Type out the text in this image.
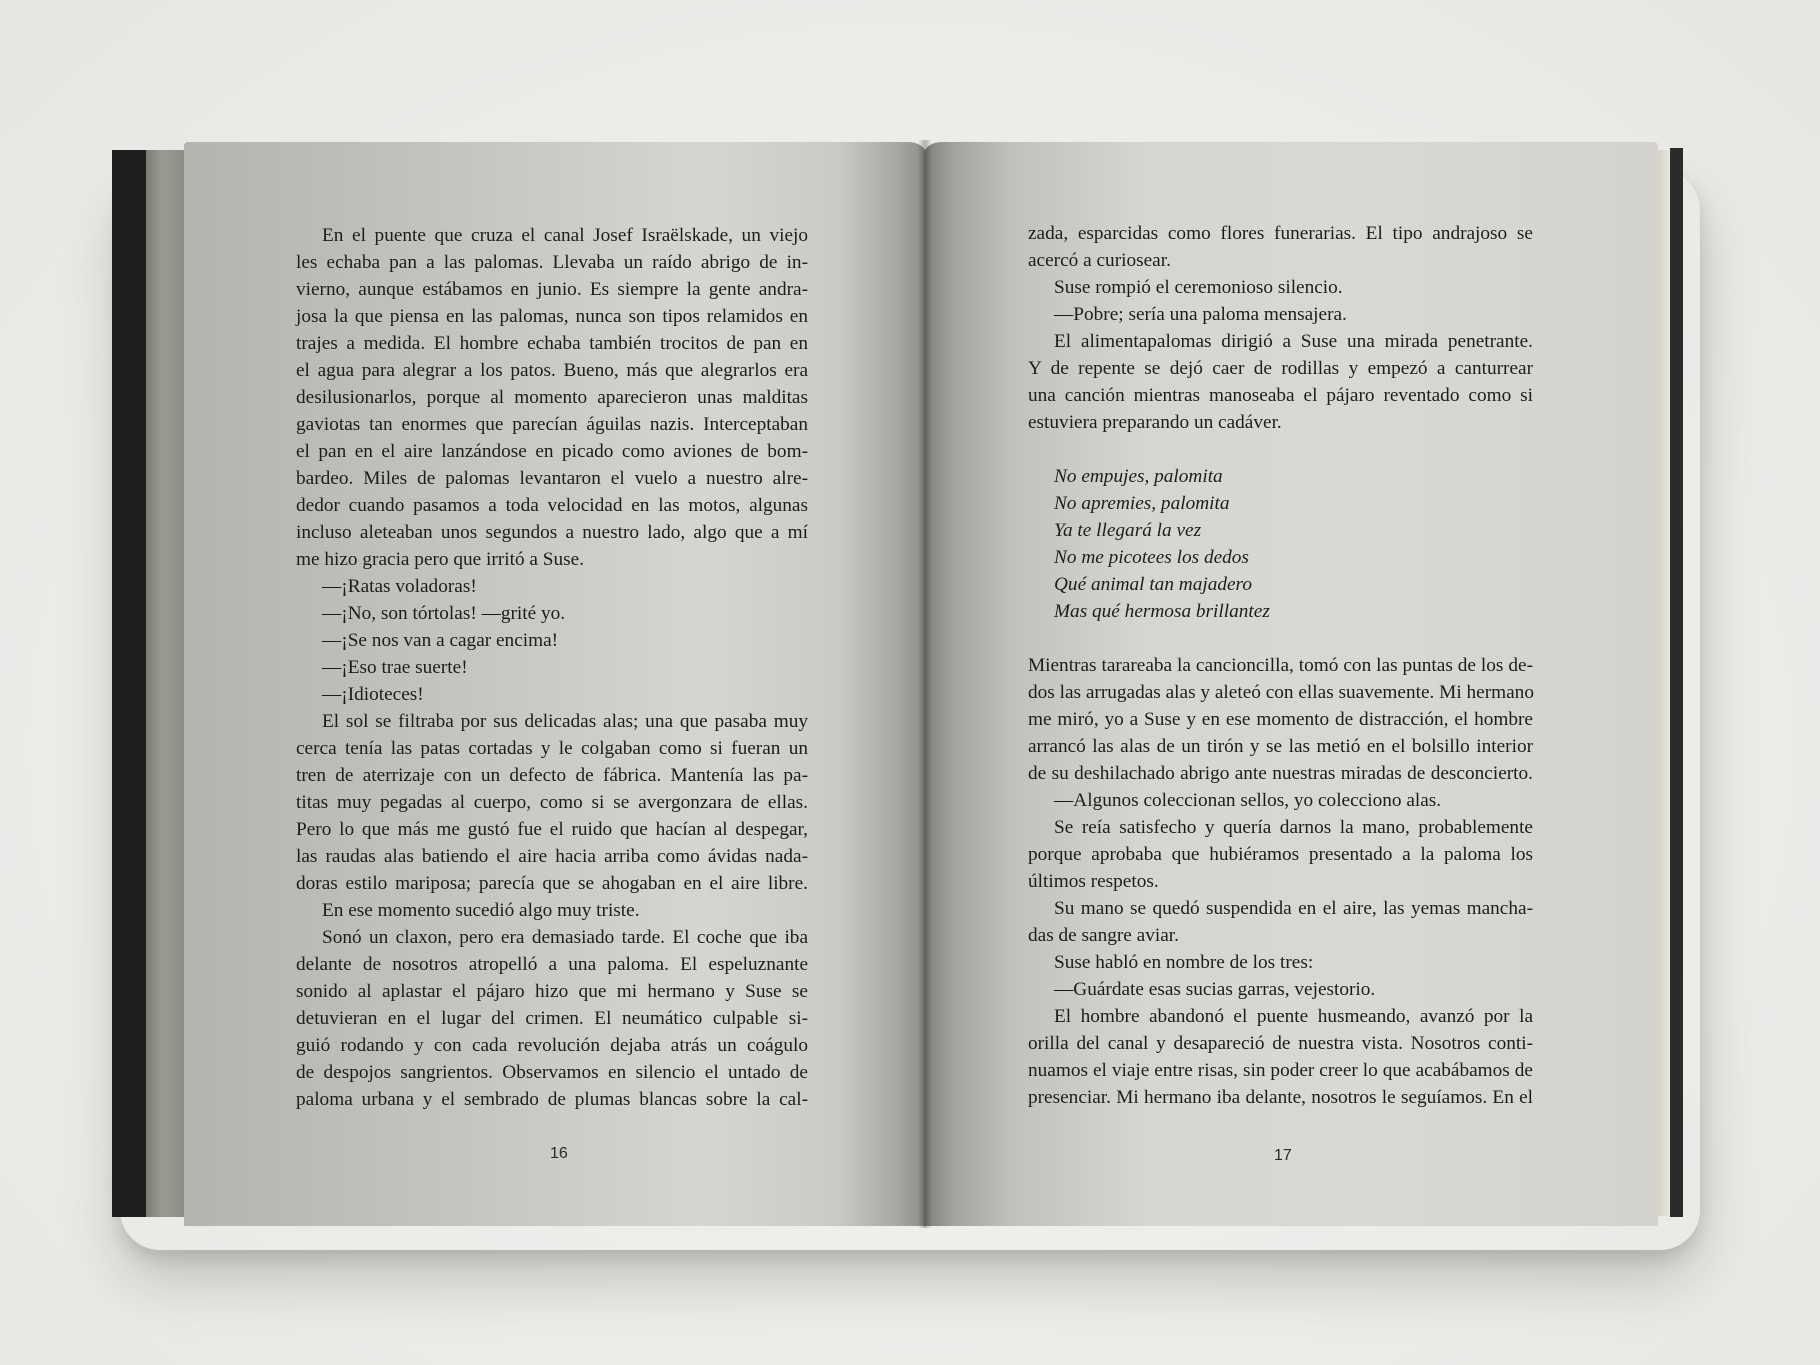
En el puente que cruza el canal Josef Israëlskade, un viejo
les echaba pan a las palomas. Llevaba un raído abrigo de in-
vierno, aunque estábamos en junio. Es siempre la gente andra-
josa la que piensa en las palomas, nunca son tipos relamidos en
trajes a medida. El hombre echaba también trocitos de pan en
el agua para alegrar a los patos. Bueno, más que alegrarlos era
desilusionarlos, porque al momento aparecieron unas malditas
gaviotas tan enormes que parecían águilas nazis. Interceptaban
el pan en el aire lanzándose en picado como aviones de bom-
bardeo. Miles de palomas levantaron el vuelo a nuestro alre-
dedor cuando pasamos a toda velocidad en las motos, algunas
incluso aleteaban unos segundos a nuestro lado, algo que a mí
me hizo gracia pero que irritó a Suse.
—¡Ratas voladoras!
—¡No, son tórtolas! —grité yo.
—¡Se nos van a cagar encima!
—¡Eso trae suerte!
—¡Idioteces!
El sol se filtraba por sus delicadas alas; una que pasaba muy
cerca tenía las patas cortadas y le colgaban como si fueran un
tren de aterrizaje con un defecto de fábrica. Mantenía las pa-
titas muy pegadas al cuerpo, como si se avergonzara de ellas.
Pero lo que más me gustó fue el ruido que hacían al despegar,
las raudas alas batiendo el aire hacia arriba como ávidas nada-
doras estilo mariposa; parecía que se ahogaban en el aire libre.
En ese momento sucedió algo muy triste.
Sonó un claxon, pero era demasiado tarde. El coche que iba
delante de nosotros atropelló a una paloma. El espeluznante
sonido al aplastar el pájaro hizo que mi hermano y Suse se
detuvieran en el lugar del crimen. El neumático culpable si-
guió rodando y con cada revolución dejaba atrás un coágulo
de despojos sangrientos. Observamos en silencio el untado de
paloma urbana y el sembrado de plumas blancas sobre la cal-
16
zada, esparcidas como flores funerarias. El tipo andrajoso se
acercó a curiosear.
Suse rompió el ceremonioso silencio.
—Pobre; sería una paloma mensajera.
El alimentapalomas dirigió a Suse una mirada penetrante.
Y de repente se dejó caer de rodillas y empezó a canturrear
una canción mientras manoseaba el pájaro reventado como si
estuviera preparando un cadáver.
No empujes, palomita
No apremies, palomita
Ya te llegará la vez
No me picotees los dedos
Qué animal tan majadero
Mas qué hermosa brillantez
Mientras tarareaba la cancioncilla, tomó con las puntas de los de-
dos las arrugadas alas y aleteó con ellas suavemente. Mi hermano
me miró, yo a Suse y en ese momento de distracción, el hombre
arrancó las alas de un tirón y se las metió en el bolsillo interior
de su deshilachado abrigo ante nuestras miradas de desconcierto.
—Algunos coleccionan sellos, yo colecciono alas.
Se reía satisfecho y quería darnos la mano, probablemente
porque aprobaba que hubiéramos presentado a la paloma los
últimos respetos.
Su mano se quedó suspendida en el aire, las yemas mancha-
das de sangre aviar.
Suse habló en nombre de los tres:
—Guárdate esas sucias garras, vejestorio.
El hombre abandonó el puente husmeando, avanzó por la
orilla del canal y desapareció de nuestra vista. Nosotros conti-
nuamos el viaje entre risas, sin poder creer lo que acabábamos de
presenciar. Mi hermano iba delante, nosotros le seguíamos. En el
17
